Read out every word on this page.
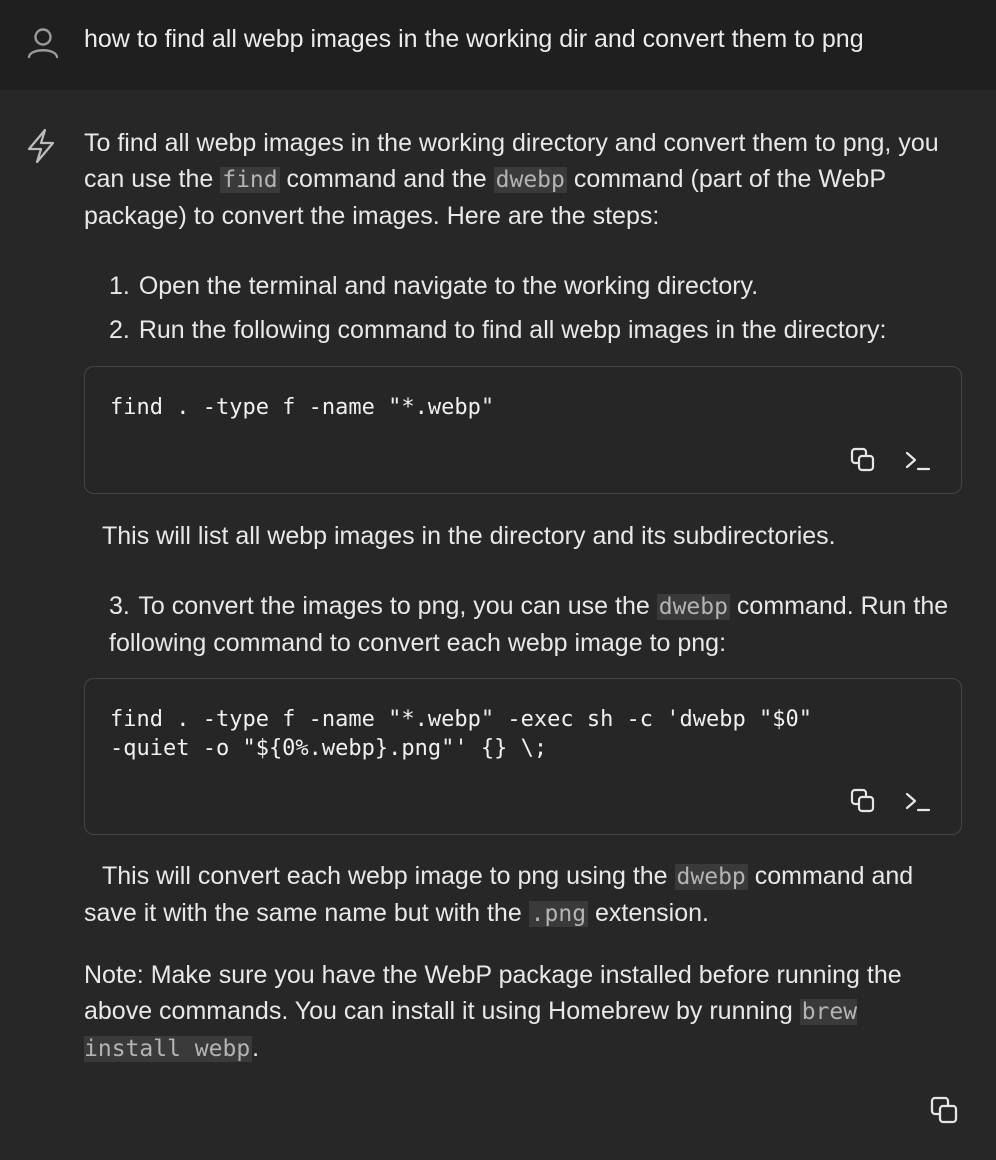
how to find all webp images in the working dir and convert them to png
To find all webp images in the working directory and convert them to png, you can use the find command and the dwebp command (part of the WebP package) to convert the images. Here are the steps:
1. Open the terminal and navigate to the working directory.
2. Run the following command to find all webp images in the directory:
find . -type f -name "*.webp"
This will list all webp images in the directory and its subdirectories.
3. To convert the images to png, you can use the dwebp command. Run the following command to convert each webp image to png:
find . -type f -name "*.webp" -exec sh -c 'dwebp "$0"
-quiet -o "${0%.webp}.png"' {} \;
This will convert each webp image to png using the dwebp command and save it with the same name but with the .png extension.
Note: Make sure you have the WebP package installed before running the above commands. You can install it using Homebrew by running brew install webp.
